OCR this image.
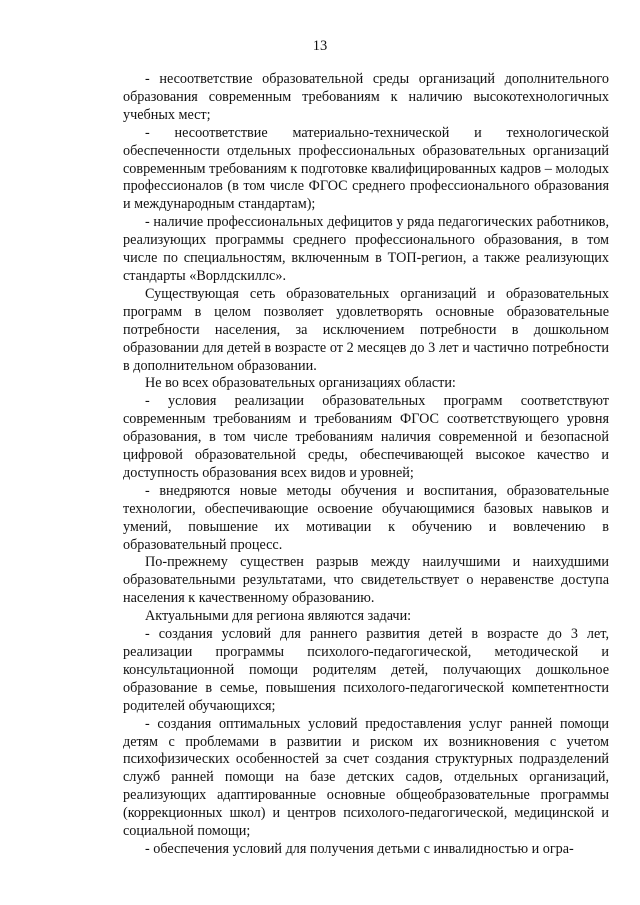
13

- несоответствие образовательной среды организаций дополнительного образования современным требованиям к наличию высокотехнологичных учебных мест;

- несоответствие материально-технической и технологической обеспеченности отдельных профессиональных образовательных организаций современным требованиям к подготовке квалифицированных кадров – молодых профессионалов (в том числе ФГОС среднего профессионального образования и международным стандартам);

- наличие профессиональных дефицитов у ряда педагогических работников, реализующих программы среднего профессионального образования, в том числе по специальностям, включенным в ТОП-регион, а также реализующих стандарты «Ворлдскиллс».

Существующая сеть образовательных организаций и образовательных программ в целом позволяет удовлетворять основные образовательные потребности населения, за исключением потребности в дошкольном образовании для детей в возрасте от 2 месяцев до 3 лет и частично потребности в дополнительном образовании.

Не во всех образовательных организациях области:

- условия реализации образовательных программ соответствуют современным требованиям и требованиям ФГОС соответствующего уровня образования, в том числе требованиям наличия современной и безопасной цифровой образовательной среды, обеспечивающей высокое качество и доступность образования всех видов и уровней;

- внедряются новые методы обучения и воспитания, образовательные технологии, обеспечивающие освоение обучающимися базовых навыков и умений, повышение их мотивации к обучению и вовлечению в образовательный процесс.

По-прежнему существен разрыв между наилучшими и наихудшими образовательными результатами, что свидетельствует о неравенстве доступа населения к качественному образованию.

Актуальными для региона являются задачи:

- создания условий для раннего развития детей в возрасте до 3 лет, реализации программы психолого-педагогической, методической и консультационной помощи родителям детей, получающих дошкольное образование в семье, повышения психолого-педагогической компетентности родителей обучающихся;

- создания оптимальных условий предоставления услуг ранней помощи детям с проблемами в развитии и риском их возникновения с учетом психофизических особенностей за счет создания структурных подразделений служб ранней помощи на базе детских садов, отдельных организаций, реализующих адаптированные основные общеобразовательные программы (коррекционных школ) и центров психолого-педагогической, медицинской и социальной помощи;

- обеспечения условий для получения детьми с инвалидностью и огра-
